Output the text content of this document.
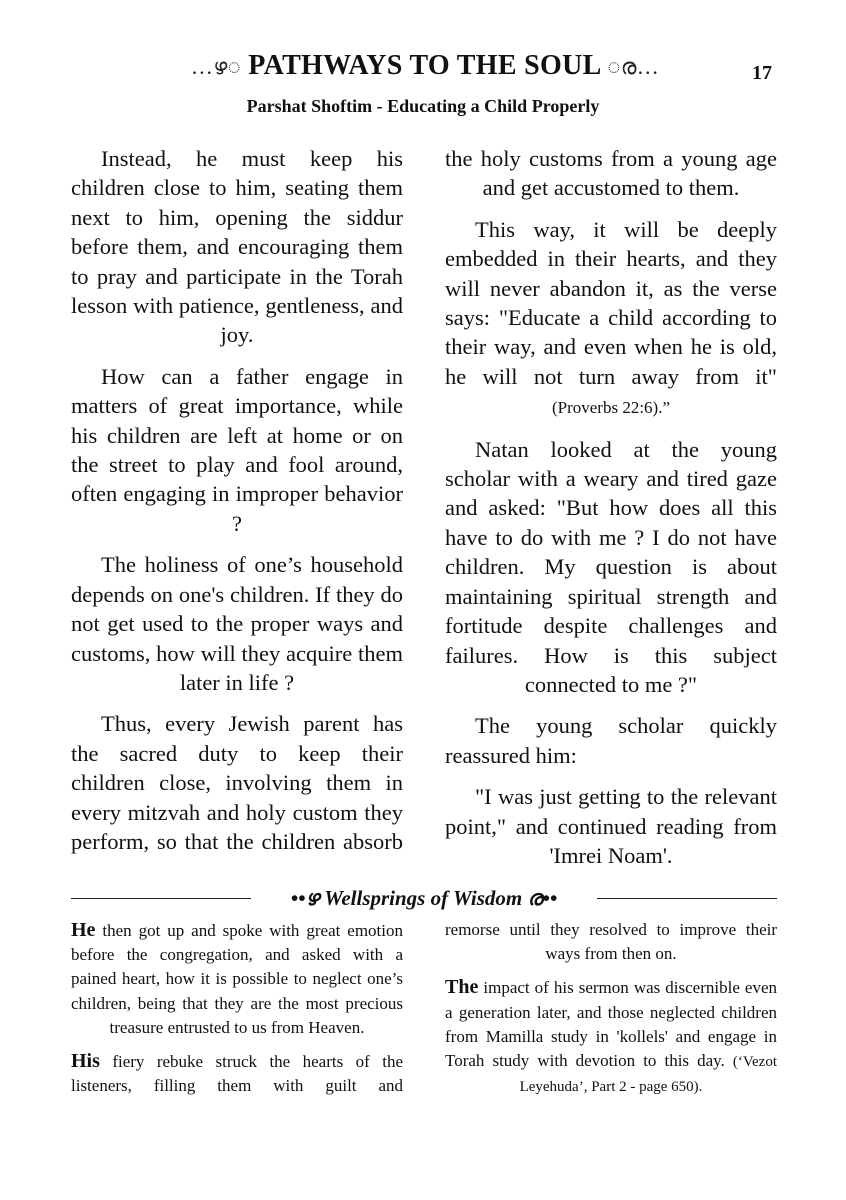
…ഴ◌ PATHWAYS TO THE SOUL ◌ര…	17
Parshat Shoftim - Educating a Child Properly

Instead, he must keep his children close to him, seating them next to him, opening the siddur before them, and encouraging them to pray and participate in the Torah lesson with patience, gentleness, and joy.

How can a father engage in matters of great importance, while his children are left at home or on the street to play and fool around, often engaging in improper behavior ?

The holiness of one’s household depends on one's children. If they do not get used to the proper ways and customs, how will they acquire them later in life ?

Thus, every Jewish parent has the sacred duty to keep their children close, involving them in every mitzvah and holy custom they perform, so that the children absorb

the holy customs from a young age and get accustomed to them.

This way, it will be deeply embedded in their hearts, and they will never abandon it, as the verse says: "Educate a child according to their way, and even when he is old, he will not turn away from it" (Proverbs 22:6).”

Natan looked at the young scholar with a weary and tired gaze and asked: "But how does all this have to do with me ? I do not have children. My question is about maintaining spiritual strength and fortitude despite challenges and failures. How is this subject connected to me ?"

The young scholar quickly reassured him:

"I was just getting to the relevant point," and continued reading from 'Imrei Noam'.

••ഴ Wellsprings of Wisdom ര••

He then got up and spoke with great emotion before the congregation, and asked with a pained heart, how it is possible to neglect one’s children, being that they are the most precious treasure entrusted to us from Heaven.

His fiery rebuke struck the hearts of the listeners, filling them with guilt and

remorse until they resolved to improve their ways from then on.

The impact of his sermon was discernible even a generation later, and those neglected children from Mamilla study in 'kollels' and engage in Torah study with devotion to this day. (‘Vezot Leyehuda’, Part 2 - page 650).
